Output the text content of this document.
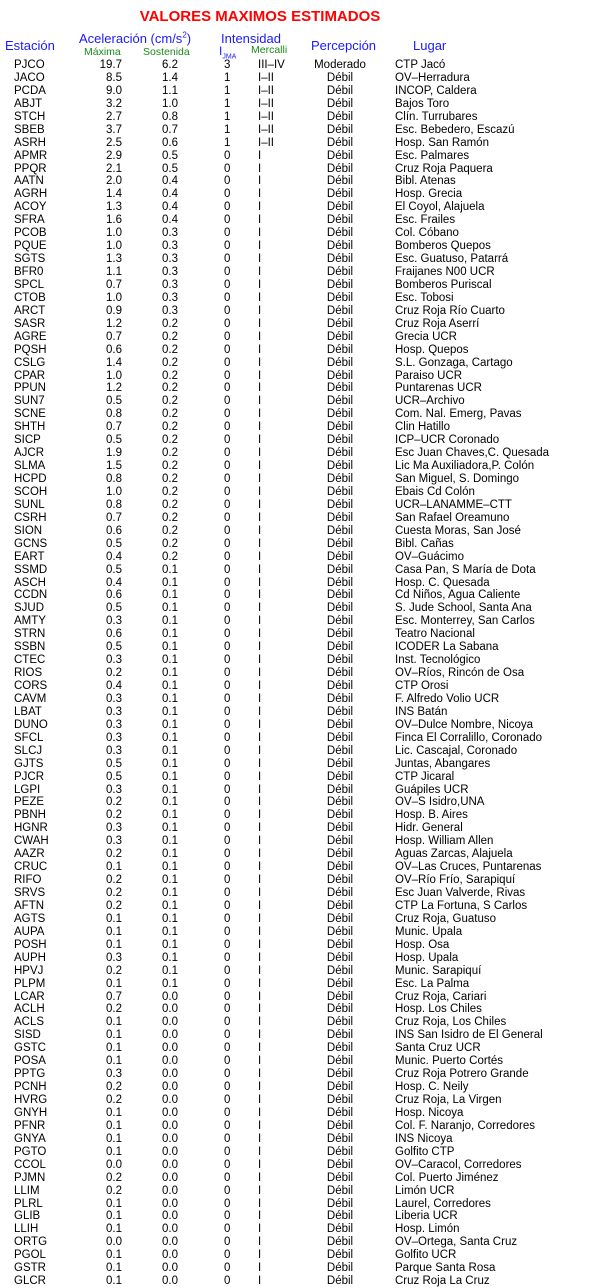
VALORES MAXIMOS ESTIMADOS
Estación Aceleración $(cm/s^2)$
Máxima Sostenida
Intensidad
$I_{JMA}$
Mercalli Percepción	Lugar
PJCO	19.7	6.2	3 III–IV	Moderado	CTP Jacó
JACO	8.5	1.4	1 I–II	Débil	OV–Herradura
PCDA	9.0	1.1	1 I–II	Débil	INCOP, Caldera
ABJT	3.2	1.0	1 I–II	Débil	Bajos Toro
STCH	2.7	0.8	1 I–II	Débil	Clín. Turrubares
SBEB	3.7	0.7	1 I–II	Débil	Esc. Bebedero, Escazú
ASRH	2.5	0.6	1 I–II	Débil	Hosp. San Ramón
APMR	2.9	0.5	0 I	Débil	Esc. Palmares
PPQR	2.1	0.5	0 I	Débil	Cruz Roja Paquera
AATN	2.0	0.4	0 I	Débil	Bibl. Atenas
AGRH	1.4	0.4	0 I	Débil	Hosp. Grecia
ACOY	1.3	0.4	0 I	Débil	El Coyol, Alajuela
SFRA	1.6	0.4	0 I	Débil	Esc. Frailes
PCOB	1.0	0.3	0 I	Débil	Col. Cóbano
PQUE	1.0	0.3	0 I	Débil	Bomberos Quepos
SGTS	1.3	0.3	0 I	Débil	Esc. Guatuso, Patarrá
BFR0	1.1	0.3	0 I	Débil	Fraijanes N00 UCR
SPCL	0.7	0.3	0 I	Débil	Bomberos Puriscal
CTOB	1.0	0.3	0 I	Débil	Esc. Tobosi
ARCT	0.9	0.3	0 I	Débil	Cruz Roja Río Cuarto
SASR	1.2	0.2	0 I	Débil	Cruz Roja Aserrí
AGRE	0.7	0.2	0 I	Débil	Grecia UCR
PQSH	0.6	0.2	0 I	Débil	Hosp. Quepos
CSLG	1.4	0.2	0 I	Débil	S.L. Gonzaga, Cartago
CPAR	1.0	0.2	0 I	Débil	Paraiso UCR
PPUN	1.2	0.2	0 I	Débil	Puntarenas UCR
SUN7	0.5	0.2	0 I	Débil	UCR–Archivo
SCNE	0.8	0.2	0 I	Débil	Com. Nal. Emerg, Pavas
SHTH	0.7	0.2	0 I	Débil	Clin Hatillo
SICP	0.5	0.2	0 I	Débil	ICP–UCR Coronado
AJCR	1.9	0.2	0 I	Débil	Esc Juan Chaves,C. Quesada
SLMA	1.5	0.2	0 I	Débil	Lic Ma Auxiliadora,P. Colón
HCPD	0.8	0.2	0 I	Débil	San Miguel, S. Domingo
SCOH	1.0	0.2	0 I	Débil	Ebais Cd Colón
SUNL	0.8	0.2	0 I	Débil	UCR–LANAMME–CTT
CSRH	0.7	0.2	0 I	Débil	San Rafael Oreamuno
SION	0.6	0.2	0 I	Débil	Cuesta Moras, San José
GCNS	0.5	0.2	0 I	Débil	Bibl. Cañas
EART	0.4	0.2	0 I	Débil	OV–Guácimo
SSMD	0.5	0.1	0 I	Débil	Casa Pan, S María de Dota
ASCH	0.4	0.1	0 I	Débil	Hosp. C. Quesada
CCDN	0.6	0.1	0 I	Débil	Cd Niños, Agua Caliente
SJUD	0.5	0.1	0 I	Débil	S. Jude School, Santa Ana
AMTY	0.3	0.1	0 I	Débil	Esc. Monterrey, San Carlos
STRN	0.6	0.1	0 I	Débil	Teatro Nacional
SSBN	0.5	0.1	0 I	Débil	ICODER La Sabana
CTEC	0.3	0.1	0 I	Débil	Inst. Tecnológico
RIOS	0.2	0.1	0 I	Débil	OV–Ríos, Rincón de Osa
CORS	0.4	0.1	0 I	Débil	CTP Orosi
CAVM	0.3	0.1	0 I	Débil	F. Alfredo Volio UCR
LBAT	0.3	0.1	0 I	Débil	INS Batán
DUNO	0.3	0.1	0 I	Débil	OV–Dulce Nombre, Nicoya
SFCL	0.3	0.1	0 I	Débil	Finca El Corralillo, Coronado
SLCJ	0.3	0.1	0 I	Débil	Lic. Cascajal, Coronado
GJTS	0.5	0.1	0 I	Débil	Juntas, Abangares
PJCR	0.5	0.1	0 I	Débil	CTP Jicaral
LGPI	0.3	0.1	0 I	Débil	Guápiles UCR
PEZE	0.2	0.1	0 I	Débil	OV–S Isidro,UNA
PBNH	0.2	0.1	0 I	Débil	Hosp. B. Aires
HGNR	0.3	0.1	0 I	Débil	Hidr. General
CWAH	0.3	0.1	0 I	Débil	Hosp. William Allen
AAZR	0.2	0.1	0 I	Débil	Aguas Zarcas, Alajuela
CRUC	0.1	0.1	0 I	Débil	OV–Las Cruces, Puntarenas
RIFO	0.2	0.1	0 I	Débil	OV–Río Frío, Sarapiquí
SRVS	0.2	0.1	0 I	Débil	Esc Juan Valverde, Rivas
AFTN	0.2	0.1	0 I	Débil	CTP La Fortuna, S Carlos
AGTS	0.1	0.1	0 I	Débil	Cruz Roja, Guatuso
AUPA	0.1	0.1	0 I	Débil	Munic. Upala
POSH	0.1	0.1	0 I	Débil	Hosp. Osa
AUPH	0.3	0.1	0 I	Débil	Hosp. Upala
HPVJ	0.2	0.1	0 I	Débil	Munic. Sarapiquí
PLPM	0.1	0.1	0 I	Débil	Esc. La Palma
LCAR	0.7	0.0	0 I	Débil	Cruz Roja, Cariari
ACLH	0.2	0.0	0 I	Débil	Hosp. Los Chiles
ACLS	0.1	0.0	0 I	Débil	Cruz Roja, Los Chiles
SISD	0.1	0.0	0 I	Débil	INS San Isidro de El General
GSTC	0.1	0.0	0 I	Débil	Santa Cruz UCR
POSA	0.1	0.0	0 I	Débil	Munic. Puerto Cortés
PPTG	0.3	0.0	0 I	Débil	Cruz Roja Potrero Grande
PCNH	0.2	0.0	0 I	Débil	Hosp. C. Neily
HVRG	0.2	0.0	0 I	Débil	Cruz Roja, La Virgen
GNYH	0.1	0.0	0 I	Débil	Hosp. Nicoya
PFNR	0.1	0.0	0 I	Débil	Col. F. Naranjo, Corredores
GNYA	0.1	0.0	0 I	Débil	INS Nicoya
PGTO	0.1	0.0	0 I	Débil	Golfito CTP
CCOL	0.0	0.0	0 I	Débil	OV–Caracol, Corredores
PJMN	0.2	0.0	0 I	Débil	Col. Puerto Jiménez
LLIM	0.2	0.0	0 I	Débil	Limón UCR
PLRL	0.1	0.0	0 I	Débil	Laurel, Corredores
GLIB	0.1	0.0	0 I	Débil	Liberia UCR
LLIH	0.1	0.0	0 I	Débil	Hosp. Limón
ORTG	0.0	0.0	0 I	Débil	OV–Ortega, Santa Cruz
PGOL	0.1	0.0	0 I	Débil	Golfito UCR
GSTR	0.1	0.0	0 I	Débil	Parque Santa Rosa
GLCR	0.1	0.0	0 I	Débil	Cruz Roja La Cruz
